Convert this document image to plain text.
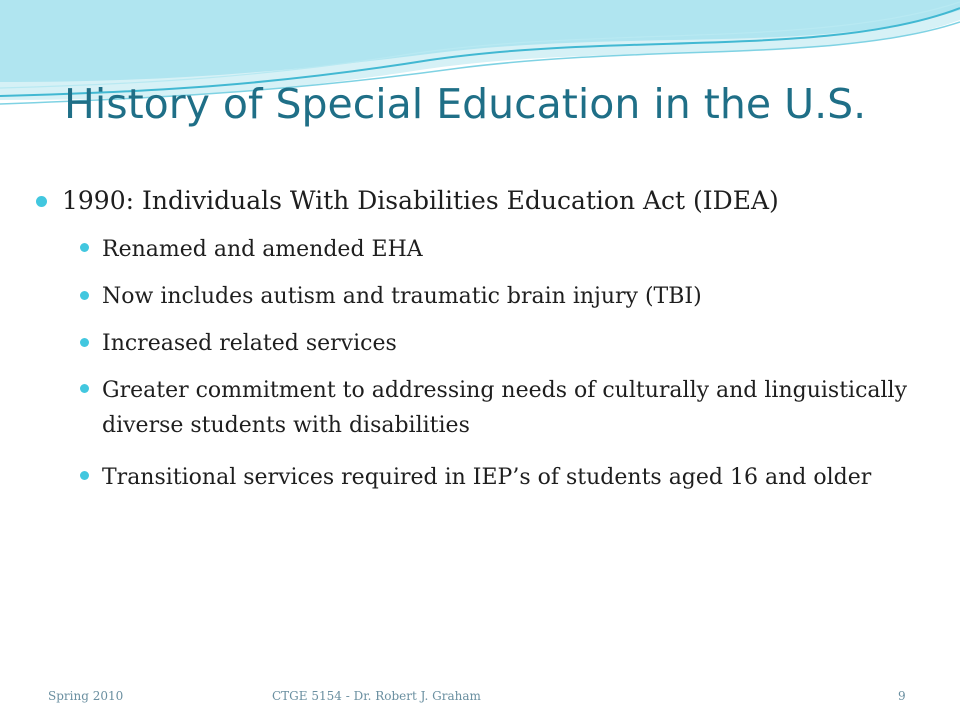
History of Special Education in the U.S.
1990: Individuals With Disabilities Education Act (IDEA)
Renamed and amended EHA
Now includes autism and traumatic brain injury (TBI)
Increased related services
Greater commitment to addressing needs of culturally and linguistically diverse students with disabilities
Transitional services required in IEP’s of students aged 16 and older
Spring 2010	CTGE 5154 - Dr. Robert J. Graham	9
